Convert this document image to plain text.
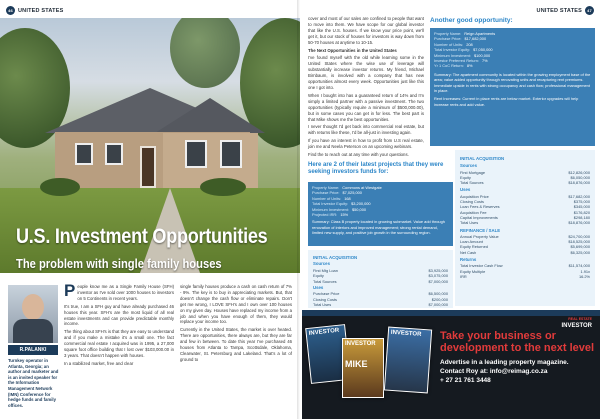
46 UNITED STATES
U.S. Investment Opportunities
The problem with single family houses
R.PALANKI
Turnkey operator in Atlanta, Georgia; an author and marketer and is an invited speaker for the Information Management Network (IMN) Conference for hedge funds and family offices.

People know me as a Single Family House (SFH) investor as I've sold over 1000 houses to investors on 5 Continents in recent years.

It's true, I am a SFH guy and have already purchased 46 houses this year. SFH's are the most liquid of all real estate investments and can provide predictable monthly income.

The thing about SFH's is that they are easy to understand and if you make a mistake it's a small one. The fact commercial real estate I acquired was in 1995, a 27,000 square foot office building that I lost over $103,000.00 in 3 years. That doesn't happen with houses.

In a stabilized market, free and clear

single family houses produce a cash on cash return of 7% - 9%. The key is to buy in appreciating markets. But, that doesn't change the cash flow or eliminate repairs. Don't get me wrong, I LOVE SFH's and I own over 100 houses on my given day. Houses have replaced my income from a job and when you have enough of them, they would replace your income too.

Currently in the United States, the market is over heated. There are opportunities, there always are, but they are far and few in between. To date this year I've purchased 46 houses from Atlanta to Tampa, Scottsdale, Oklahoma, Clearwater, St. Petersburg and Lakeland. That's a lot of ground to

UNITED STATES	47

cover and most of our sales are confined to people that want to move into them. We have scope for our global investor that like the U.S. houses. If we know your price point, we'll get it, but our stock of houses for investors is way down from 50-70 houses at anytime to 10-15.

The Next Opportunities in the United States

I've found myself with the old while learning some in the United States where the wise use of leverage will substantially increase investor returns. My friend, Michael Birnbaum, is involved with a company that has new opportunities almost every week. Opportunities just like this one I got into.

When I bought into has a guaranteed return of 14% and I'm simply a limited partner with a passive investment. The two opportunities (typically require a minimum of $500,000.00), but in some cases you can get in for less. The best part is that Mike shows me the best opportunities.

I never thought I'd get back into commercial real estate, but with returns like these, I'd be all-just in investing again.

If you have an interest in how to profit from U.S real estate, join me and Neela Peterson on an upcoming webinars.

Find the to reach out at any time with your questions.

Another good opportunity:
Property Name: Reign Apartments
Purchase Price: $17,682,000
Number of Units: 208
Total Investor Equity: $7,050,000
Minimum Investment: $100,000
Investor Preferred Return: 7%
Yr 1 CoC Return: 8%
Summary: The apartment community is located within the growing employment base of the area; value added opportunity through renovating units and recapturing rent premiums. Immediate upside in rents with strong occupancy and cash flow; professional management in place.
Rent Increases: Current in place rents are below market. Exterior upgrades will help increase rents and add value.
Here are 2 of their latest projects that they were seeking investors funds for:
Property Name: Commons at Westgate
Purchase Price: $7,025,000
Number of Units: 168
Total Investor Equity: $3,200,000
Minimum Investment: $50,000
Projected IRR: 15%
Summary: Class B property located in growing submarket. Value add through renovation of interiors and improved management; strong rental demand, limited new supply, and positive job growth in the surrounding region.
INITIAL ACQUISITION
Sources
First Mtg Loan	$3,925,000
Equity	$3,075,000
Total Sources	$7,000,000
Uses
Purchase Price	$6,500,000
Closing Costs	$200,000
Total Uses	$7,000,000
INITIAL ACQUISITION
Sources
First Mortgage	$12,826,000
Equity	$6,050,000
Total Sources	$18,876,000
Uses
Acquisition Price	$17,682,000
Closing Costs	$375,000
Loan Fees & Reserves	$345,000
Acquisition Fee	$176,820
Capital Improvements	$298,180
Total Uses	$18,876,000
REFINANCE / SALE
Annual Property Value	$24,700,000
Loan Amount	$18,525,000
Equity Returned	$5,699,000
Net Cash	$6,325,000
Returns
Total Investor Cash Flow	$11,574,000
Equity Multiple	1.91x
IRR	16.2%
INVESTOR
INVESTOR
MIKE
INVESTOR	Take your business or
development to the next level
Advertise in a leading property magazine.
Contact Roy at: info@reimag.co.za
+ 27 21 761 3448
REAL ESTATE
INVESTOR
